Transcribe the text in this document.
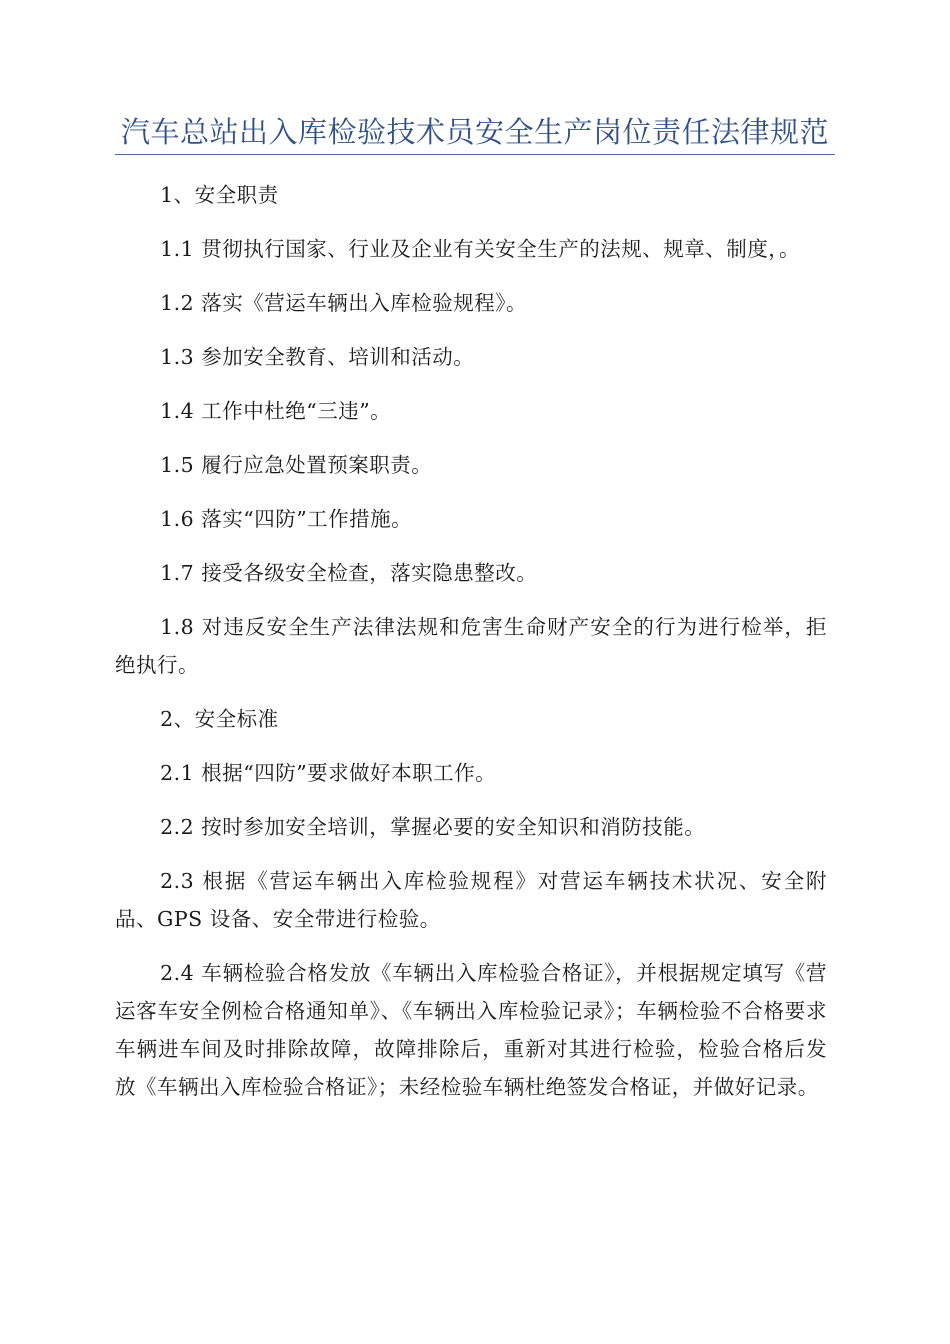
汽车总站出入库检验技术员安全生产岗位责任法律规范

1、安全职责

1.1 贯彻执行国家、行业及企业有关安全生产的法规、规章、制度，。

1.2 落实《营运车辆出入库检验规程》。

1.3 参加安全教育、培训和活动。

1.4 工作中杜绝“三违”。

1.5 履行应急处置预案职责。

1.6 落实“四防”工作措施。

1.7 接受各级安全检查，落实隐患整改。

1.8 对违反安全生产法律法规和危害生命财产安全的行为进行检举，拒绝执行。

2、安全标准

2.1 根据“四防”要求做好本职工作。

2.2 按时参加安全培训，掌握必要的安全知识和消防技能。

2.3 根据《营运车辆出入库检验规程》对营运车辆技术状况、安全附品、GPS 设备、安全带进行检验。

2.4 车辆检验合格发放《车辆出入库检验合格证》，并根据规定填写《营运客车安全例检合格通知单》、《车辆出入库检验记录》；车辆检验不合格要求车辆进车间及时排除故障，故障排除后，重新对其进行检验，检验合格后发放《车辆出入库检验合格证》；未经检验车辆杜绝签发合格证，并做好记录。
